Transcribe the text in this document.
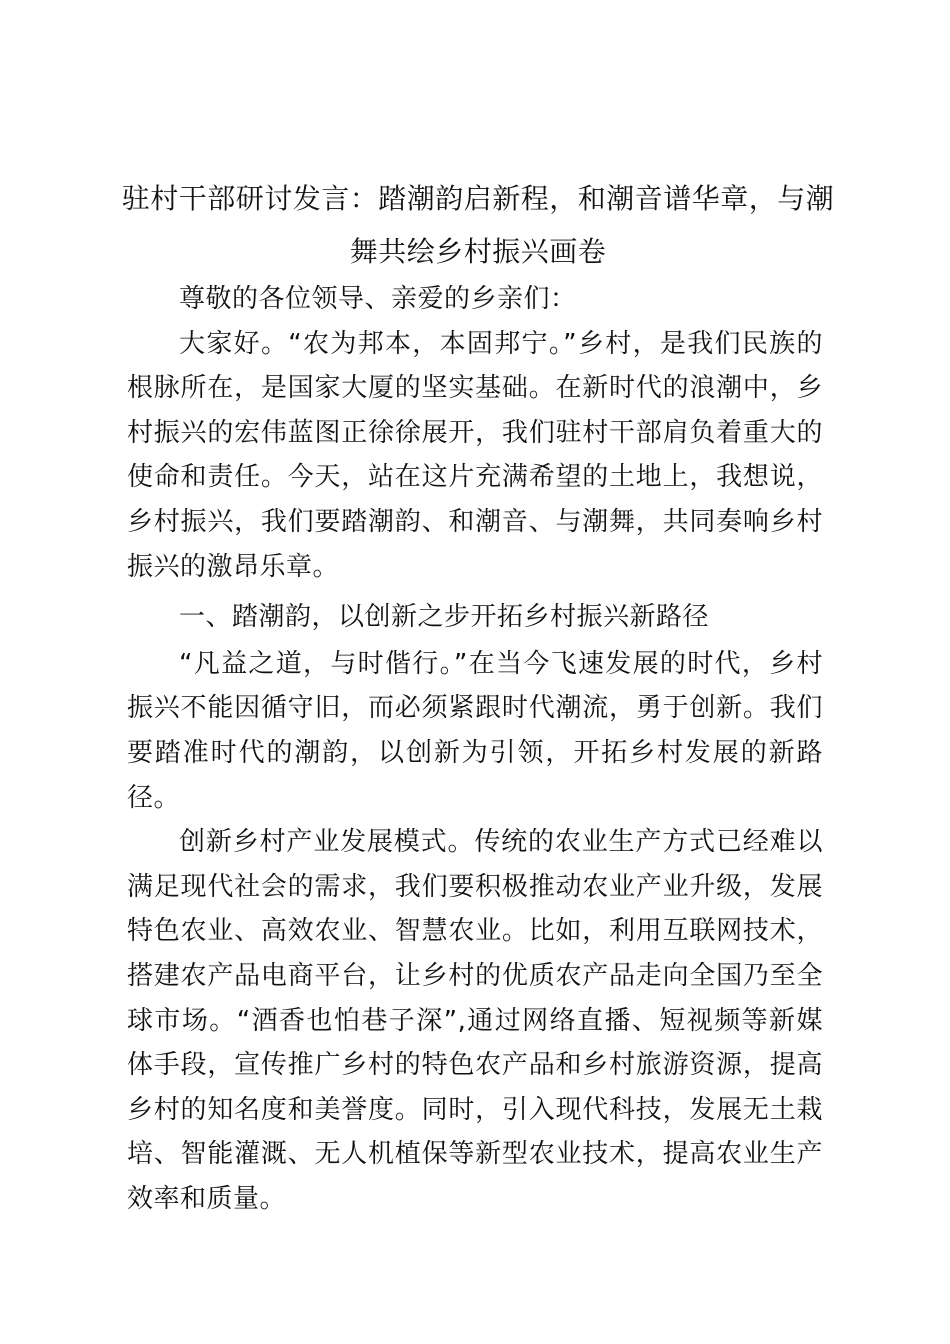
驻村干部研讨发言：踏潮韵启新程，和潮音谱华章，与潮舞共绘乡村振兴画卷

尊敬的各位领导、亲爱的乡亲们：

大家好。“农为邦本，本固邦宁。”乡村，是我们民族的根脉所在，是国家大厦的坚实基础。在新时代的浪潮中，乡村振兴的宏伟蓝图正徐徐展开，我们驻村干部肩负着重大的使命和责任。今天，站在这片充满希望的土地上，我想说，乡村振兴，我们要踏潮韵、和潮音、与潮舞，共同奏响乡村振兴的激昂乐章。

一、踏潮韵，以创新之步开拓乡村振兴新路径

“凡益之道，与时偕行。”在当今飞速发展的时代，乡村振兴不能因循守旧，而必须紧跟时代潮流，勇于创新。我们要踏准时代的潮韵，以创新为引领，开拓乡村发展的新路径。

创新乡村产业发展模式。传统的农业生产方式已经难以满足现代社会的需求，我们要积极推动农业产业升级，发展特色农业、高效农业、智慧农业。比如，利用互联网技术，搭建农产品电商平台，让乡村的优质农产品走向全国乃至全球市场。“酒香也怕巷子深”,通过网络直播、短视频等新媒体手段，宣传推广乡村的特色农产品和乡村旅游资源，提高乡村的知名度和美誉度。同时，引入现代科技，发展无土栽培、智能灌溉、无人机植保等新型农业技术，提高农业生产效率和质量。
